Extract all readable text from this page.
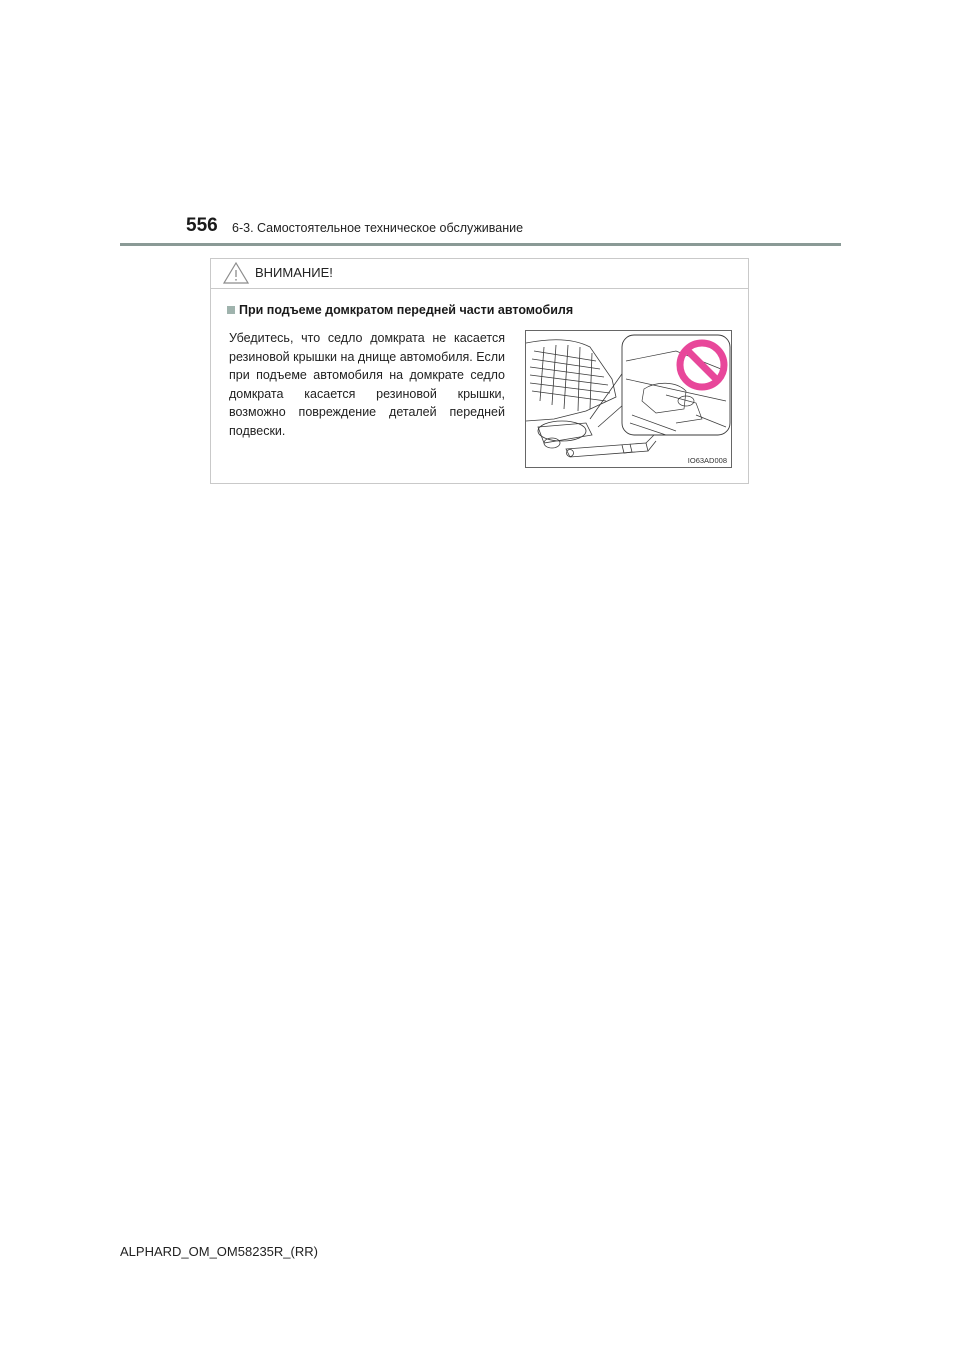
556 6-3. Самостоятельное техническое обслуживание
ВНИМАНИЕ!
При подъеме домкратом передней части автомобиля
Убедитесь, что седло домкрата не касается резиновой крышки на днище автомобиля. Если при подъеме автомобиля на домкрате седло домкрата касается резиновой крышки, возможно повреждение деталей передней подвески.
IO63AD008
ALPHARD_OM_OM58235R_(RR)
